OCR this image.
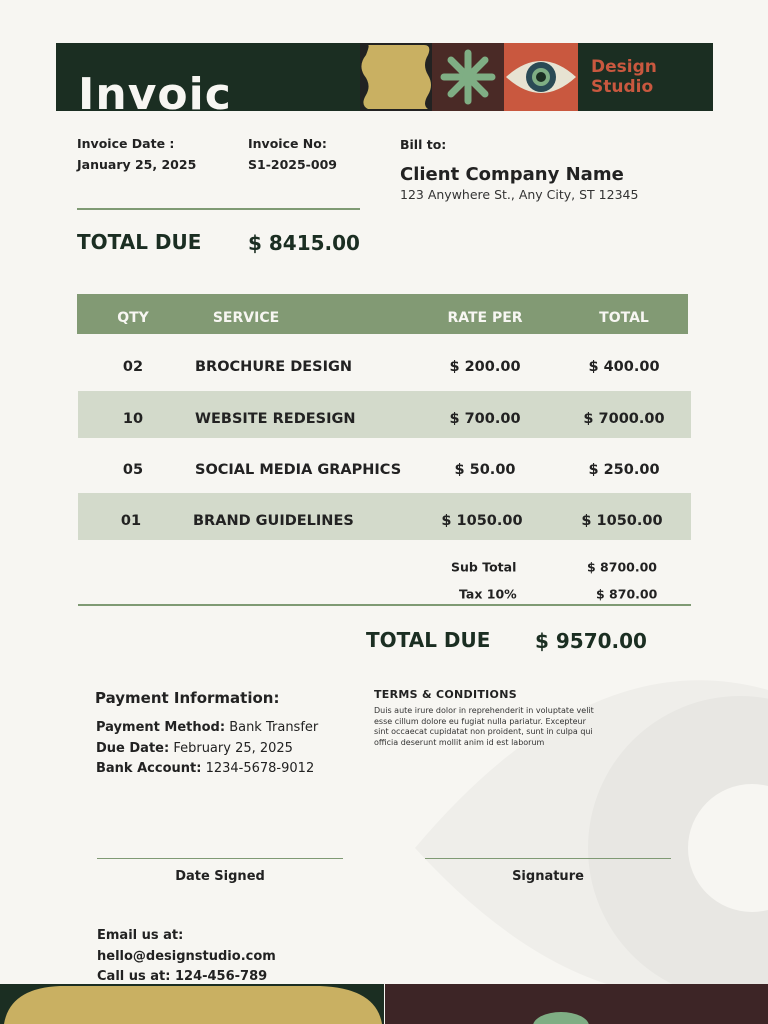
Invoic
Design
Studio
Invoice Date :
January 25, 2025
Invoice No:
S1-2025-009
Bill to:
Client Company Name
123 Anywhere St., Any City, ST 12345
TOTAL DUE $ 8415.00
QTY	SERVICE	RATE PER	TOTAL
02	BROCHURE DESIGN	$ 200.00	$ 400.00
10	WEBSITE REDESIGN	$ 700.00	$ 7000.00
05	SOCIAL MEDIA GRAPHICS	$ 50.00	$ 250.00
01	BRAND GUIDELINES	$ 1050.00	$ 1050.00
Sub Total	$ 8700.00
Tax 10%	$ 870.00
TOTAL DUE $ 9570.00
Payment Information:
Payment Method: Bank Transfer
Due Date: February 25, 2025
Bank Account: 1234-5678-9012
TERMS & CONDITIONS
Duis aute irure dolor in reprehenderit in voluptate velit esse cillum dolore eu fugiat nulla pariatur. Excepteur sint occaecat cupidatat non proident, sunt in culpa qui officia deserunt mollit anim id est laborum
Date Signed	Signature
Email us at:
hello@designstudio.com
Call us at: 124-456-789
